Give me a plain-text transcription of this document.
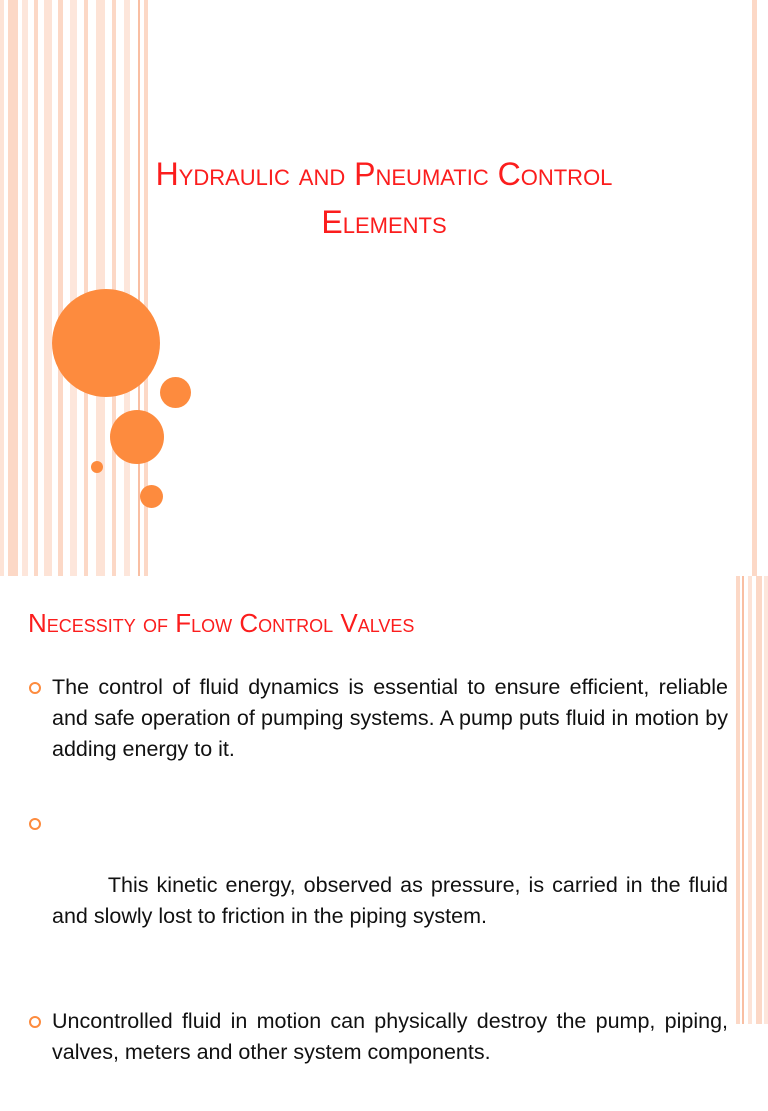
Hydraulic and Pneumatic Control
Elements
Necessity of Flow Control Valves
The control of fluid dynamics is essential to ensure efficient, reliable and safe operation of pumping systems. A pump puts fluid in motion by adding energy to it.

This kinetic energy, observed as pressure, is carried in the fluid and slowly lost to friction in the piping system.

Uncontrolled fluid in motion can physically destroy the pump, piping, valves, meters and other system components.
